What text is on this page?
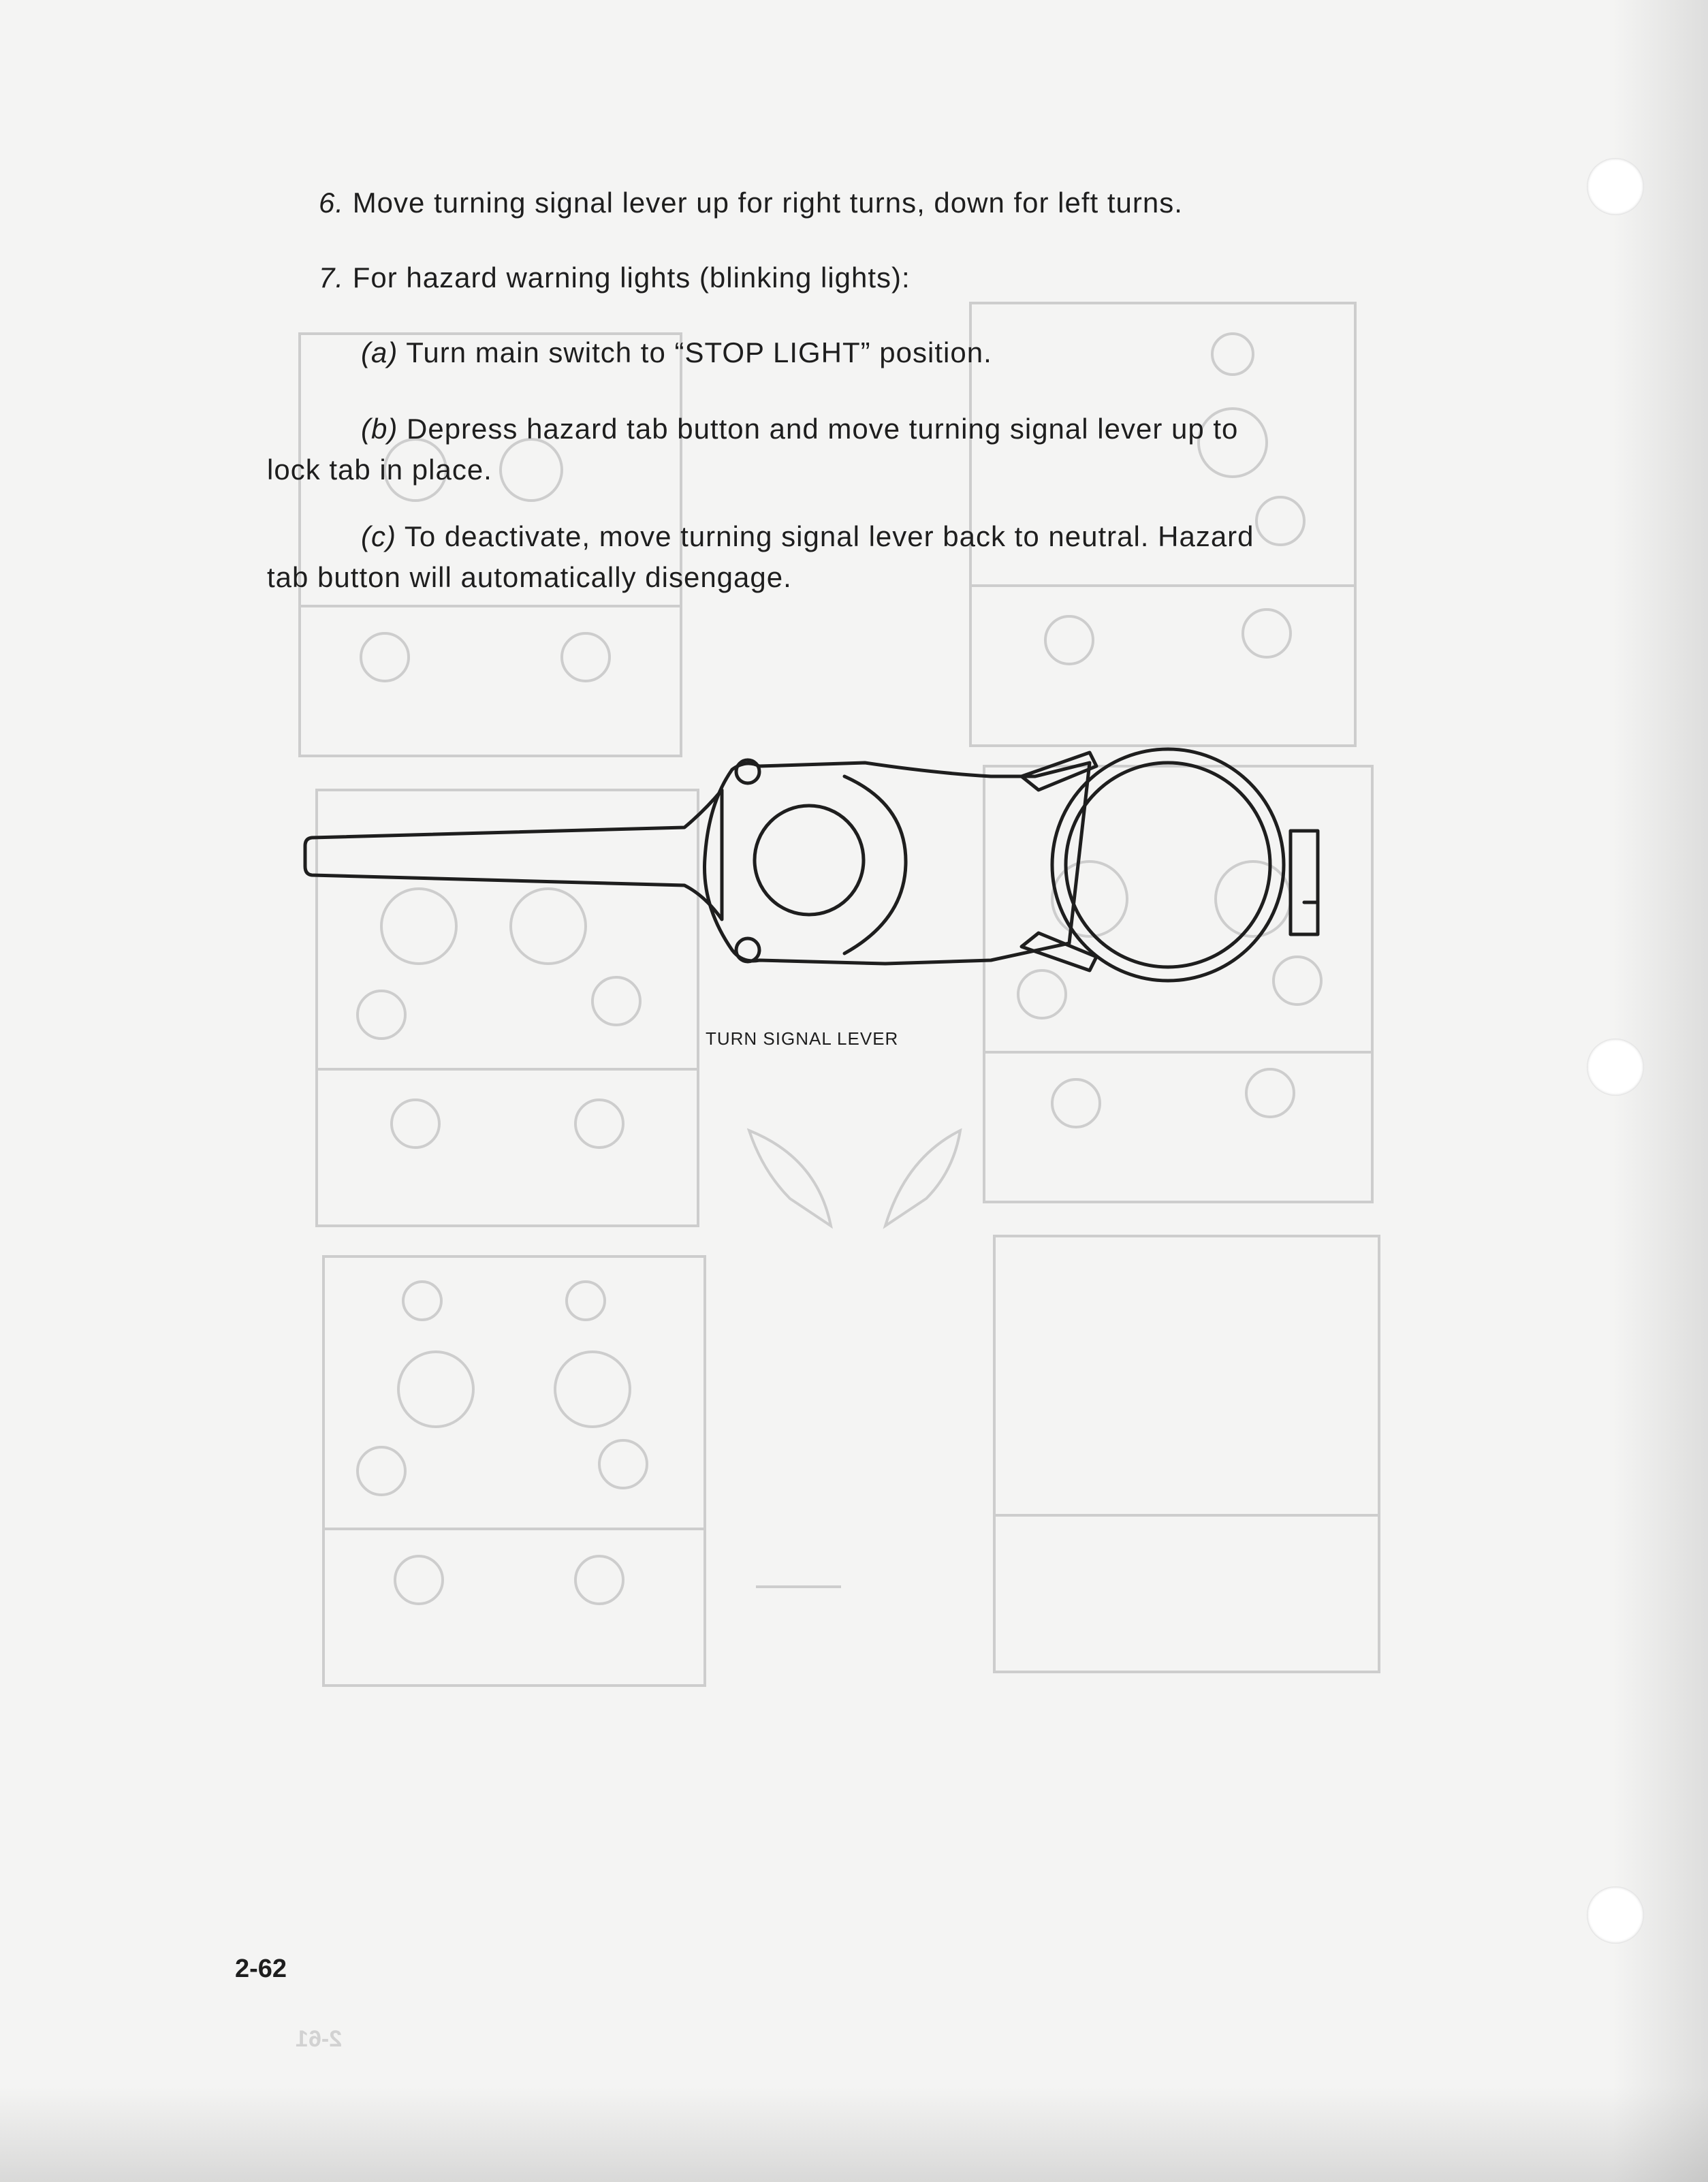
6. Move turning signal lever up for right turns, down for left turns.

7. For hazard warning lights (blinking lights):

(a) Turn main switch to “STOP LIGHT” position.

(b) Depress hazard tab button and move turning signal lever up to
lock tab in place.

(c) To deactivate, move turning signal lever back to neutral. Hazard
tab button will automatically disengage.

TURN SIGNAL LEVER
2-62
2-61
